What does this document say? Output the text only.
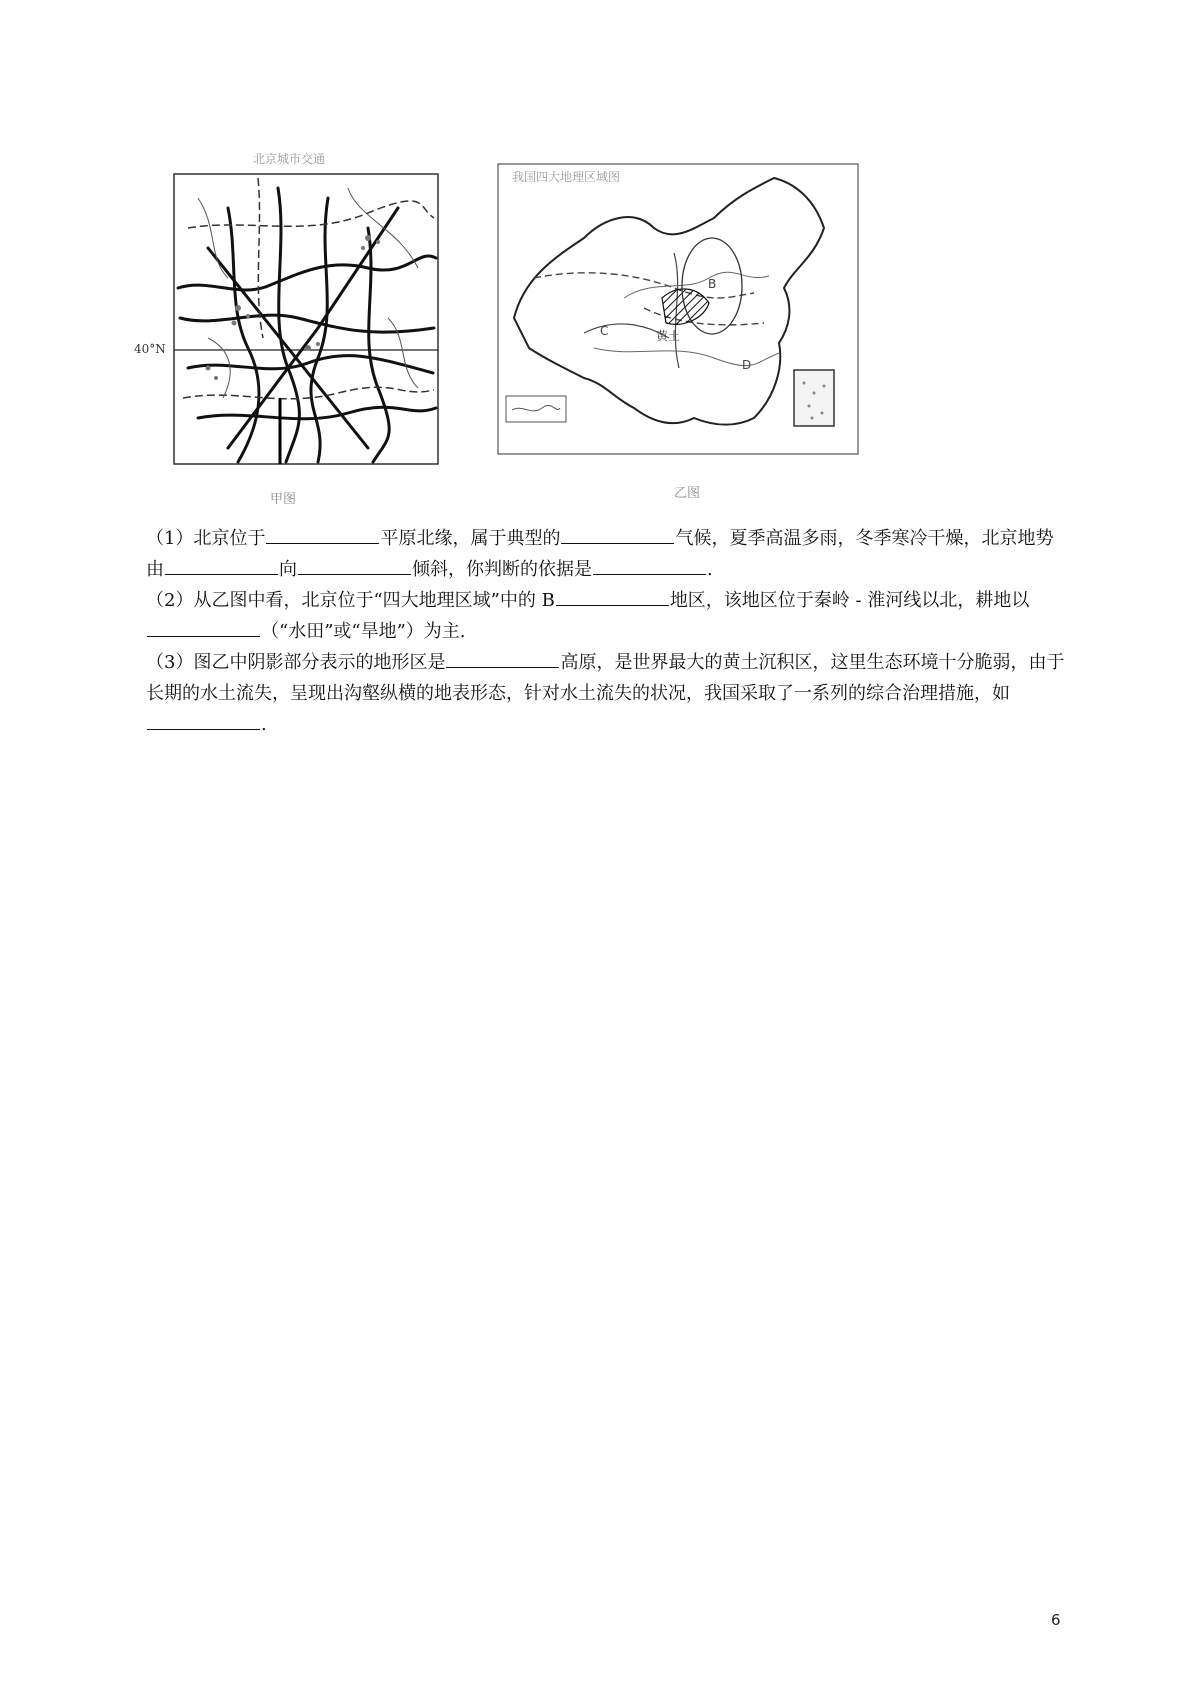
北京城市交通
40°N
甲图
我国四大地理区域图
B
C
D
黄土
乙图

（1）北京位于	平原北缘，属于典型的	气候，夏季高温多雨，冬季寒冷干燥，北京地势由	向	倾斜，你判断的依据是	.

（2）从乙图中看，北京位于“四大地理区域”中的 B	地区，该地区位于秦岭 - 淮河线以北，耕地以（“水田”或“旱地”）为主.

（3）图乙中阴影部分表示的地形区是	高原，是世界最大的黄土沉积区，这里生态环境十分脆弱，由于长期的水土流失，呈现出沟壑纵横的地表形态，针对水土流失的状况，我国采取了一系列的综合治理措施，如.

6
